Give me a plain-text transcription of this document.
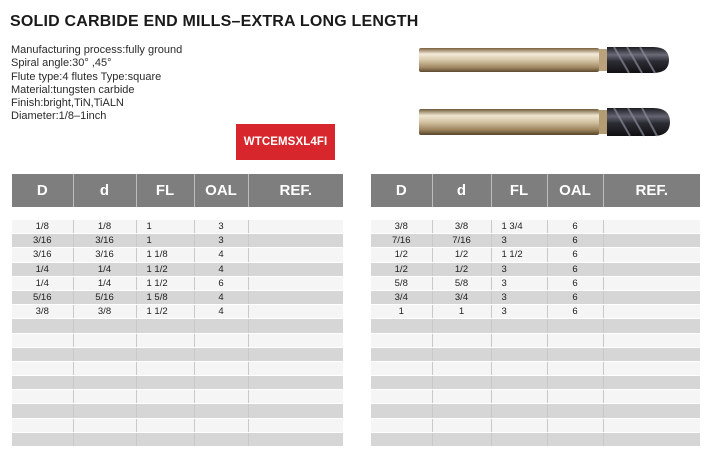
SOLID CARBIDE END MILLS–EXTRA LONG LENGTH
Manufacturing process:fully ground
Spiral angle:30° ,45°
Flute type:4 flutes Type:square
Material:tungsten carbide
Finish:bright,TiN,TiALN
Diameter:1/8–1inch
WTCEMSXL4FI
D	d	FL	OAL	REF.

1/8	1/8	1	3	
3/16	3/16	1	3	
3/16	3/16	1 1/8	4	
1/4	1/4	1 1/2	4	
1/4	1/4	1 1/2	6	
5/16	5/16	1 5/8	4	
3/8	3/8	1 1/2	4	

D	d	FL	OAL	REF.

3/8	3/8	1 3/4	6	
7/16	7/16	3	6	
1/2	1/2	1 1/2	6	
1/2	1/2	3	6	
5/8	5/8	3	6	
3/4	3/4	3	6	
1	1	3	6	
